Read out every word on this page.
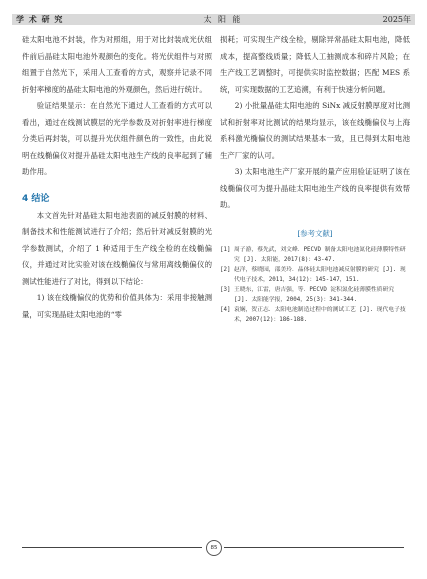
学 术 研 究	太 阳 能	2025年

硅太阳电池不封装，作为对照组，用于对比封装成光伏组件前后晶硅太阳电池外观颜色的变化。将光伏组件与对照组置于自然光下，采用人工查看的方式，观察并记录不同折射率梯度的晶硅太阳电池的外观颜色，然后进行统计。

验证结果显示：在自然光下通过人工查看的方式可以看出，通过在线测试膜层的光学参数及对折射率进行梯度分类后再封装，可以提升光伏组件颜色的一致性，由此说明在线椭偏仪对提升晶硅太阳电池生产线的良率起到了辅助作用。

4 结论

本文首先针对晶硅太阳电池表面的减反射膜的材料、制备技术和性能测试进行了介绍；然后针对减反射膜的光学参数测试，介绍了 1 种适用于生产线全检的在线椭偏仪，并通过对比实验对该在线椭偏仪与常用离线椭偏仪的测试性能进行了对比，得到以下结论：

1) 该在线椭偏仪的优势和价值具体为：采用非接触测量，可实现晶硅太阳电池的“零

损耗；可实现生产线全检，剔除异常晶硅太阳电池，降低成本，提高整线质量；降低人工抽测成本和碎片风险；在生产线工艺调整时，可提供实时监控数据；匹配 MES 系统，可实现数据的工艺追溯，有利于快速分析问题。

2) 小批量晶硅太阳电池的 SiNx 减反射膜厚度对比测试和折射率对比测试的结果均显示，该在线椭偏仪与上海系科激光椭偏仪的测试结果基本一致，且已得到太阳电池生产厂家的认可。

3) 太阳电池生产厂家开展的量产应用验证证明了该在线椭偏仪可为提升晶硅太阳电池生产线的良率提供有效帮助。

[参考文献]
[1] 周子游，蔡先武，刘文峰．PECVD 制备太阳电池氮化硅薄膜特性研究 [J]. 太阳能，2017(8)：43-47.
[2] 赵洋，蔡晓园，邵美玲．晶体硅太阳电池减反射膜的研究 [J]. 现代电子技术，2011，34(12)：145-147，151.
[3] 王晓东，江雷，唐吉强，等．PECVD 淀积氮化硅薄膜性质研究 [J]. 太阳能学报，2004，25(3)：341-344.
[4] 袁娴，贺正志．太阳电池制造过程中的测试工艺 [J]. 现代电子技术，2007(12)：186-188.
85
